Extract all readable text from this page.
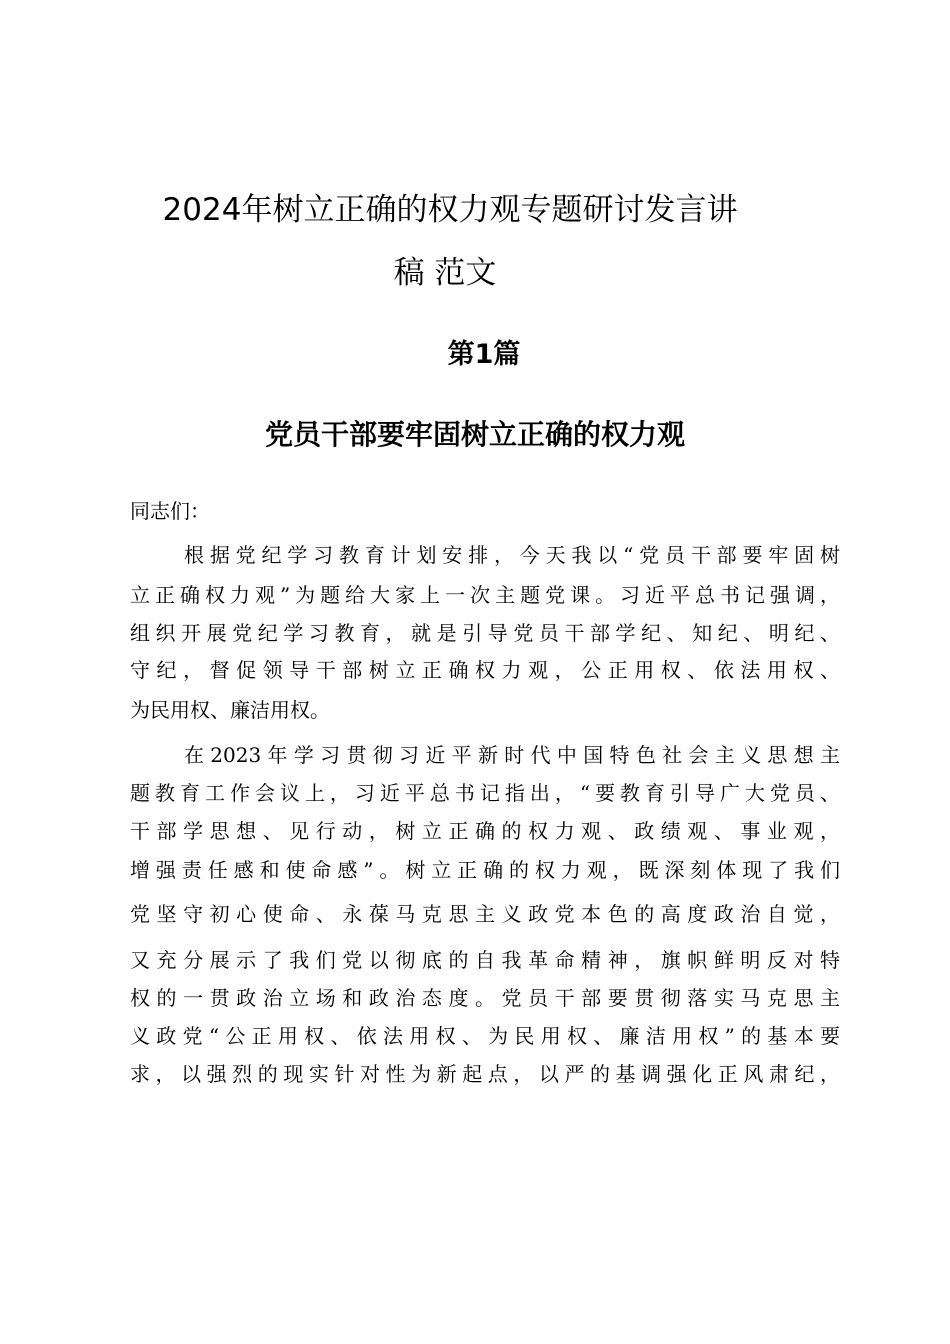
2024年树立正确的权力观专题研讨发言讲
稿 范文
第1篇
党员干部要牢固树立正确的权力观
同志们：
根据党纪学习教育计划安排，今天我以“党员干部要牢固树
立正确权力观”为题给大家上一次主题党课。习近平总书记强调，
组织开展党纪学习教育，就是引导党员干部学纪、知纪、明纪、
守纪，督促领导干部树立正确权力观，公正用权、依法用权、
为民用权、廉洁用权。
在2023年学习贯彻习近平新时代中国特色社会主义思想主
题教育工作会议上，习近平总书记指出，“要教育引导广大党员、
干部学思想、见行动，树立正确的权力观、政绩观、事业观，
增强责任感和使命感”。树立正确的权力观，既深刻体现了我们
党坚守初心使命、永葆马克思主义政党本色的高度政治自觉，
又充分展示了我们党以彻底的自我革命精神，旗帜鲜明反对特
权的一贯政治立场和政治态度。党员干部要贯彻落实马克思主
义政党“公正用权、依法用权、为民用权、廉洁用权”的基本要
求，以强烈的现实针对性为新起点，以严的基调强化正风肃纪，
